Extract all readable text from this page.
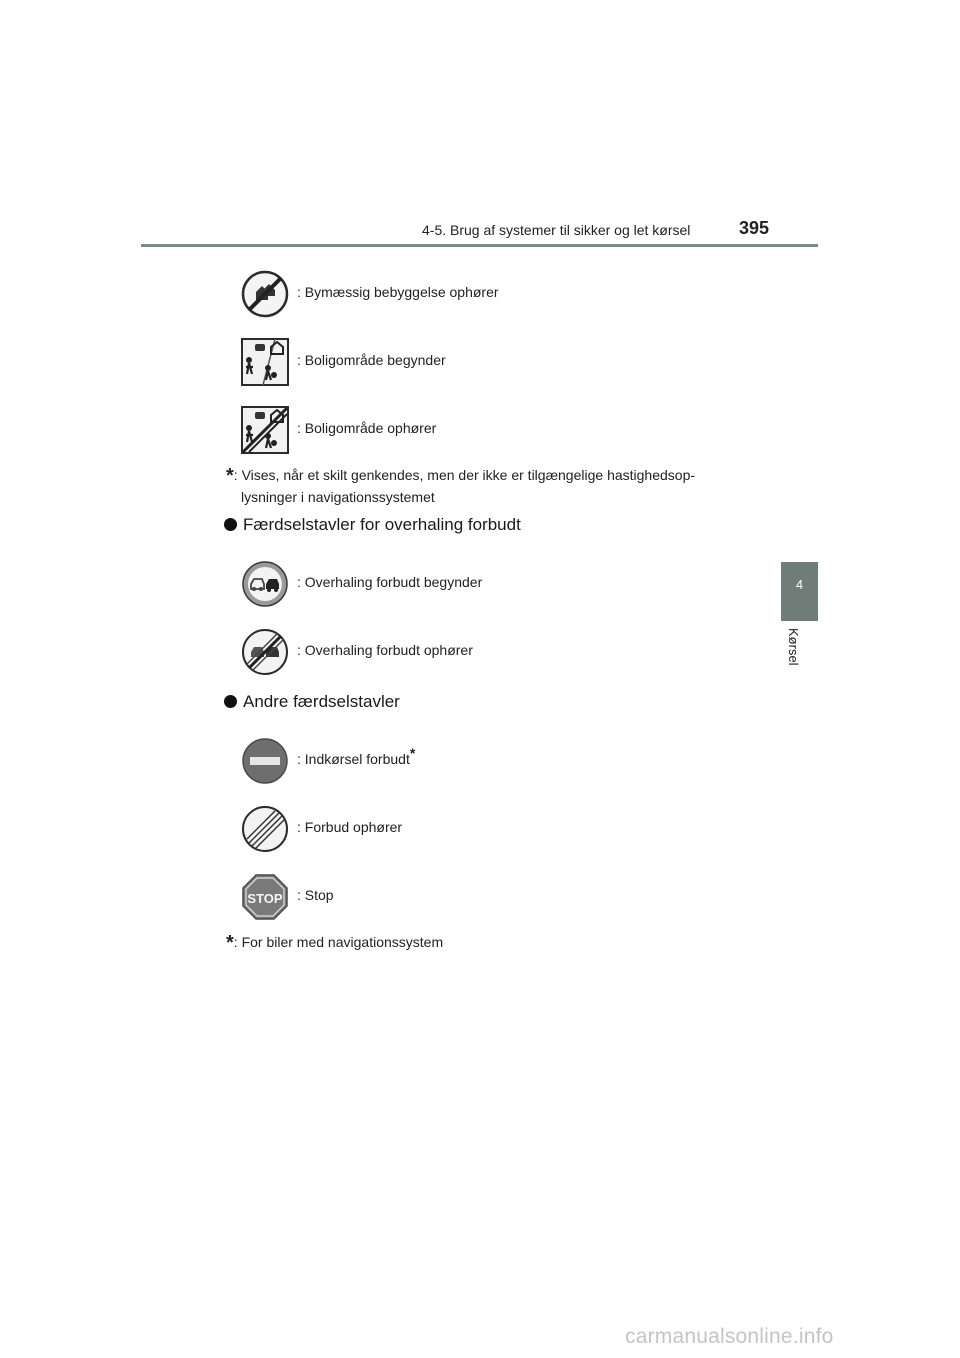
4-5. Brug af systemer til sikker og let kørsel	395
4
Kørsel
: Bymæssig bebyggelse ophører
: Boligområde begynder
: Boligområde ophører
*: Vises, når et skilt genkendes, men der ikke er tilgængelige hastighedsop-
lysninger i navigationssystemet
Færdselstavler for overhaling forbudt
: Overhaling forbudt begynder
: Overhaling forbudt ophører
Andre færdselstavler
: Indkørsel forbudt*
: Forbud ophører
STOP : Stop
*: For biler med navigationssystem
carmanualsonline.info
